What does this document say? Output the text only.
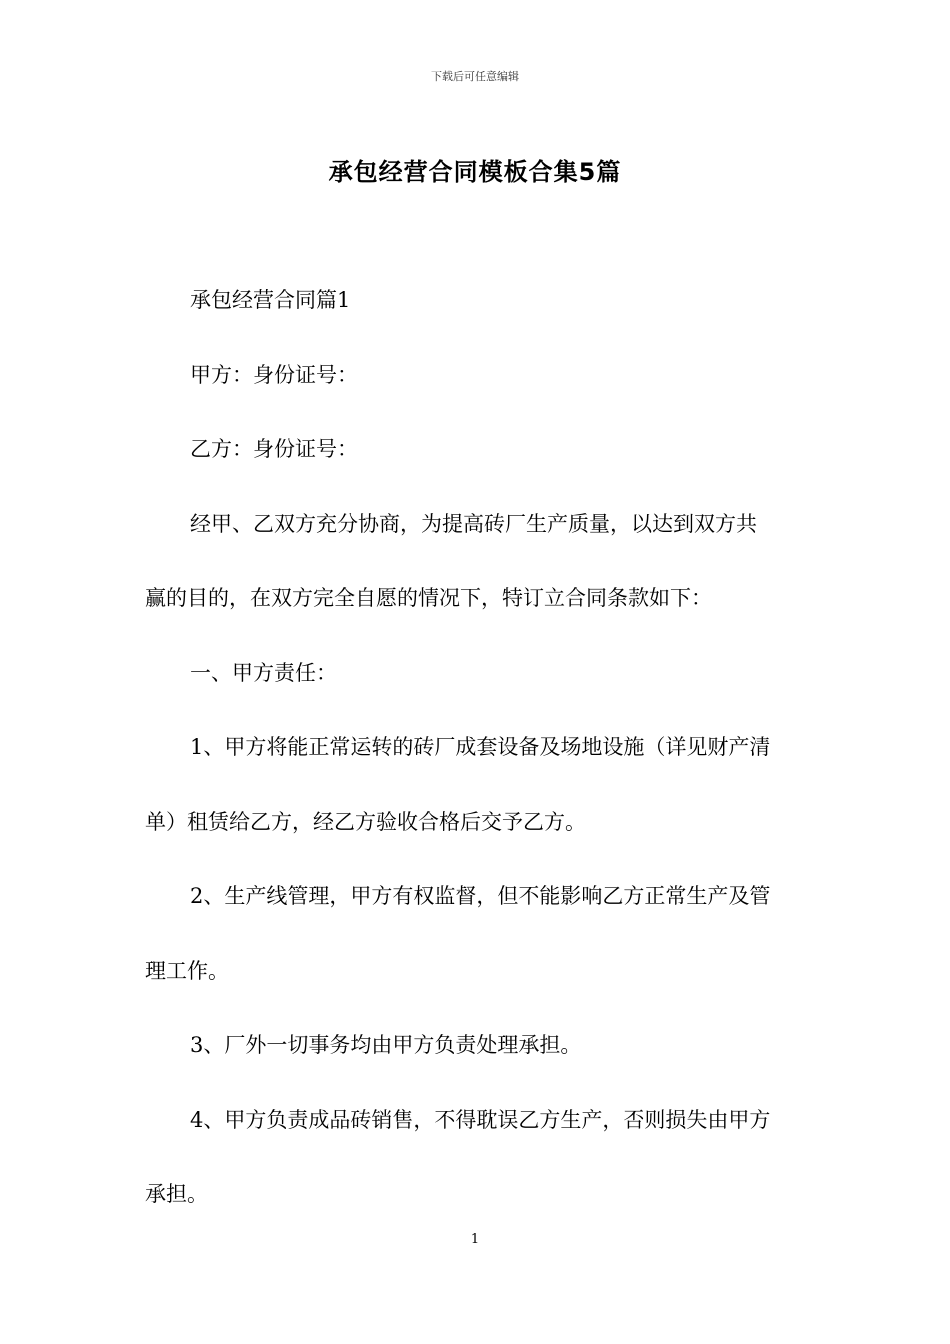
下载后可任意编辑
承包经营合同模板合集5篇
承包经营合同篇1
甲方：身份证号：
乙方：身份证号：
经甲、乙双方充分协商，为提高砖厂生产质量，以达到双方共
赢的目的，在双方完全自愿的情况下，特订立合同条款如下：
一、甲方责任：
1、甲方将能正常运转的砖厂成套设备及场地设施（详见财产清
单）租赁给乙方，经乙方验收合格后交予乙方。
2、生产线管理，甲方有权监督，但不能影响乙方正常生产及管
理工作。
3、厂外一切事务均由甲方负责处理承担。
4、甲方负责成品砖销售，不得耽误乙方生产，否则损失由甲方
承担。
1
